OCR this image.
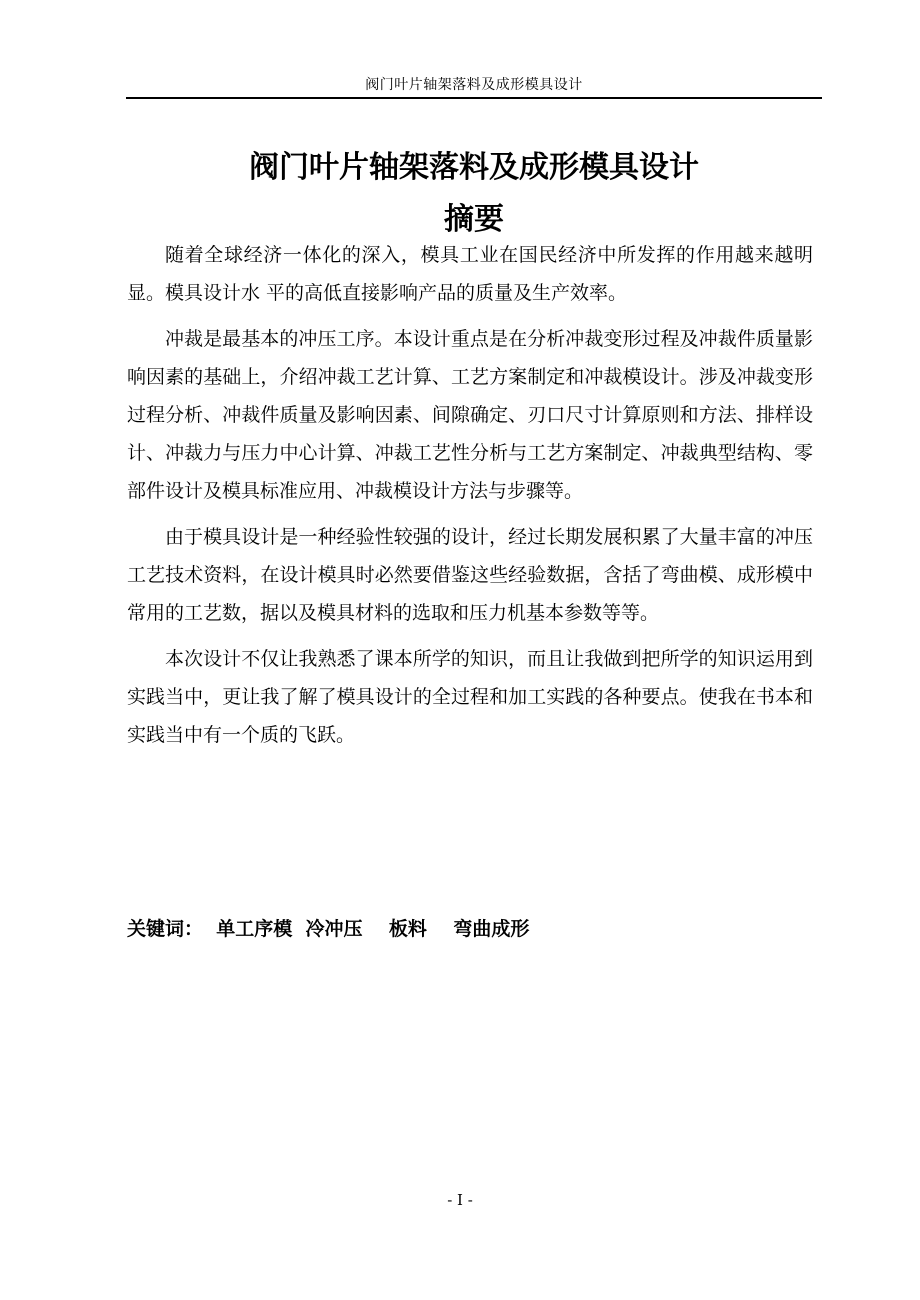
阀门叶片轴架落料及成形模具设计
阀门叶片轴架落料及成形模具设计
摘要

随着全球经济一体化的深入，模具工业在国民经济中所发挥的作用越来越明显。模具设计水 平的高低直接影响产品的质量及生产效率。

冲裁是最基本的冲压工序。本设计重点是在分析冲裁变形过程及冲裁件质量影响因素的基础上，介绍冲裁工艺计算、工艺方案制定和冲裁模设计。涉及冲裁变形过程分析、冲裁件质量及影响因素、间隙确定、刃口尺寸计算原则和方法、排样设计、冲裁力与压力中心计算、冲裁工艺性分析与工艺方案制定、冲裁典型结构、零部件设计及模具标准应用、冲裁模设计方法与步骤等。

由于模具设计是一种经验性较强的设计，经过长期发展积累了大量丰富的冲压工艺技术资料，在设计模具时必然要借鉴这些经验数据，含括了弯曲模、成形模中常用的工艺数，据以及模具材料的选取和压力机基本参数等等。

本次设计不仅让我熟悉了课本所学的知识，而且让我做到把所学的知识运用到实践当中，更让我了解了模具设计的全过程和加工实践的各种要点。使我在书本和实践当中有一个质的飞跃。

关键词：  单工序模  冷冲压    板料    弯曲成形
- I -
